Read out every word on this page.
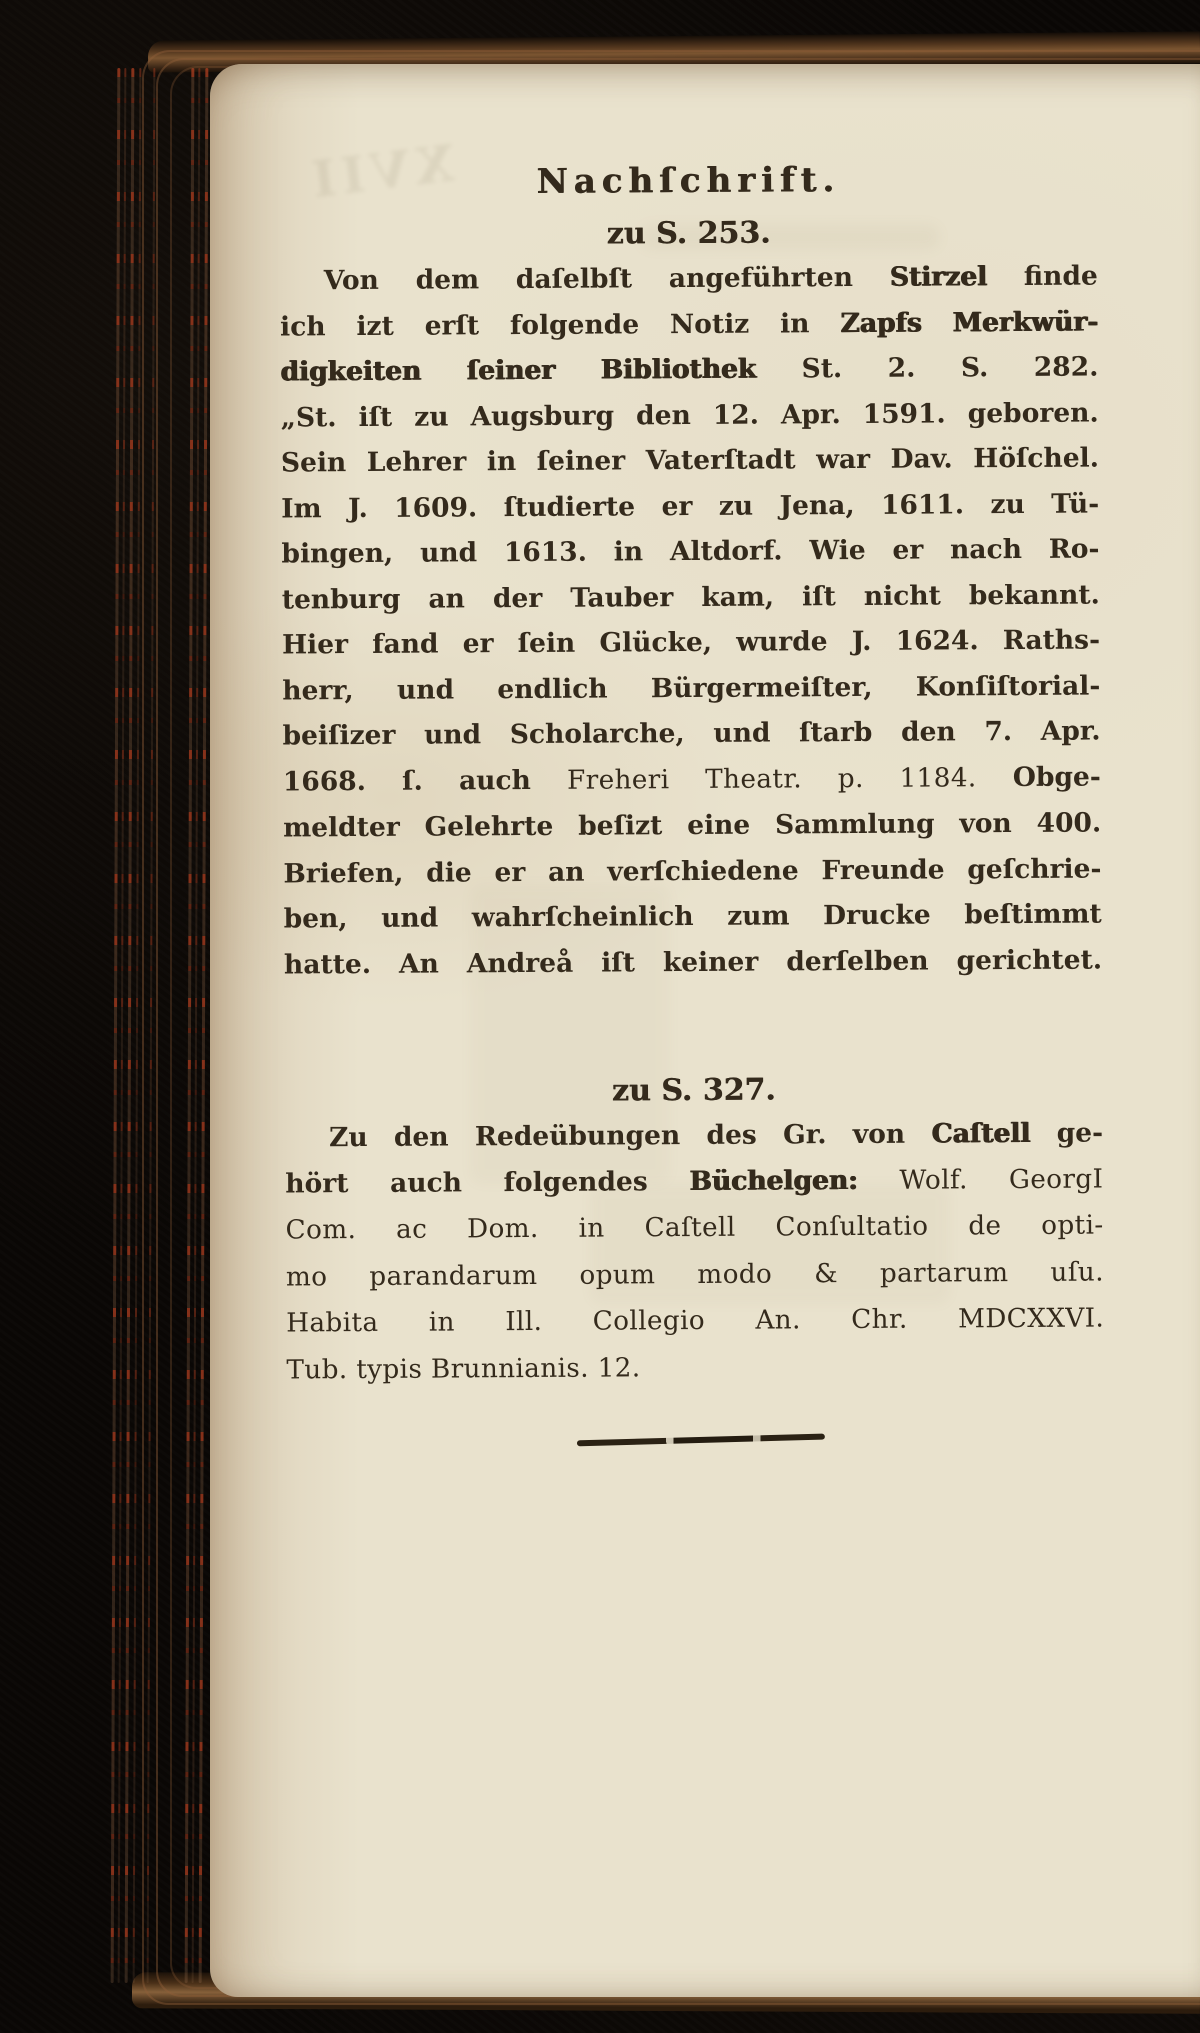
XVII	Nachſchrift.
zu S. 253.
Von dem daſelbſt angeführten Stirzel finde
ich izt erſt folgende Notiz in Zapfs Merkwür-
digkeiten ſeiner Bibliothek St. 2. S. 282.
„St. iſt zu Augsburg den 12. Apr. 1591. geboren.
Sein Lehrer in ſeiner Vaterſtadt war Dav. Höſchel.
Im J. 1609. ſtudierte er zu Jena, 1611. zu Tü-
bingen, und 1613. in Altdorf. Wie er nach Ro-
tenburg an der Tauber kam, iſt nicht bekannt.
Hier fand er ſein Glücke, wurde J. 1624. Raths-
herr, und endlich Bürgermeiſter, Konſiſtorial-
beiſizer und Scholarche, und ſtarb den 7. Apr.
1668. ſ. auch Freheri Theatr. p. 1184. Obge-
meldter Gelehrte beſizt eine Sammlung von 400.
Briefen, die er an verſchiedene Freunde geſchrie-
ben, und wahrſcheinlich zum Drucke beſtimmt
hatte. An Andreå iſt keiner derſelben gerichtet.
zu S. 327.
Zu den Redeübungen des Gr. von Caſtell ge-
hört auch folgendes Büchelgen: Wolf. GeorgI
Com. ac Dom. in Caſtell Conſultatio de opti-
mo parandarum opum modo & partarum uſu.
Habita in Ill. Collegio An. Chr. MDCXXVI.
Tub. typis Brunnianis. 12.
